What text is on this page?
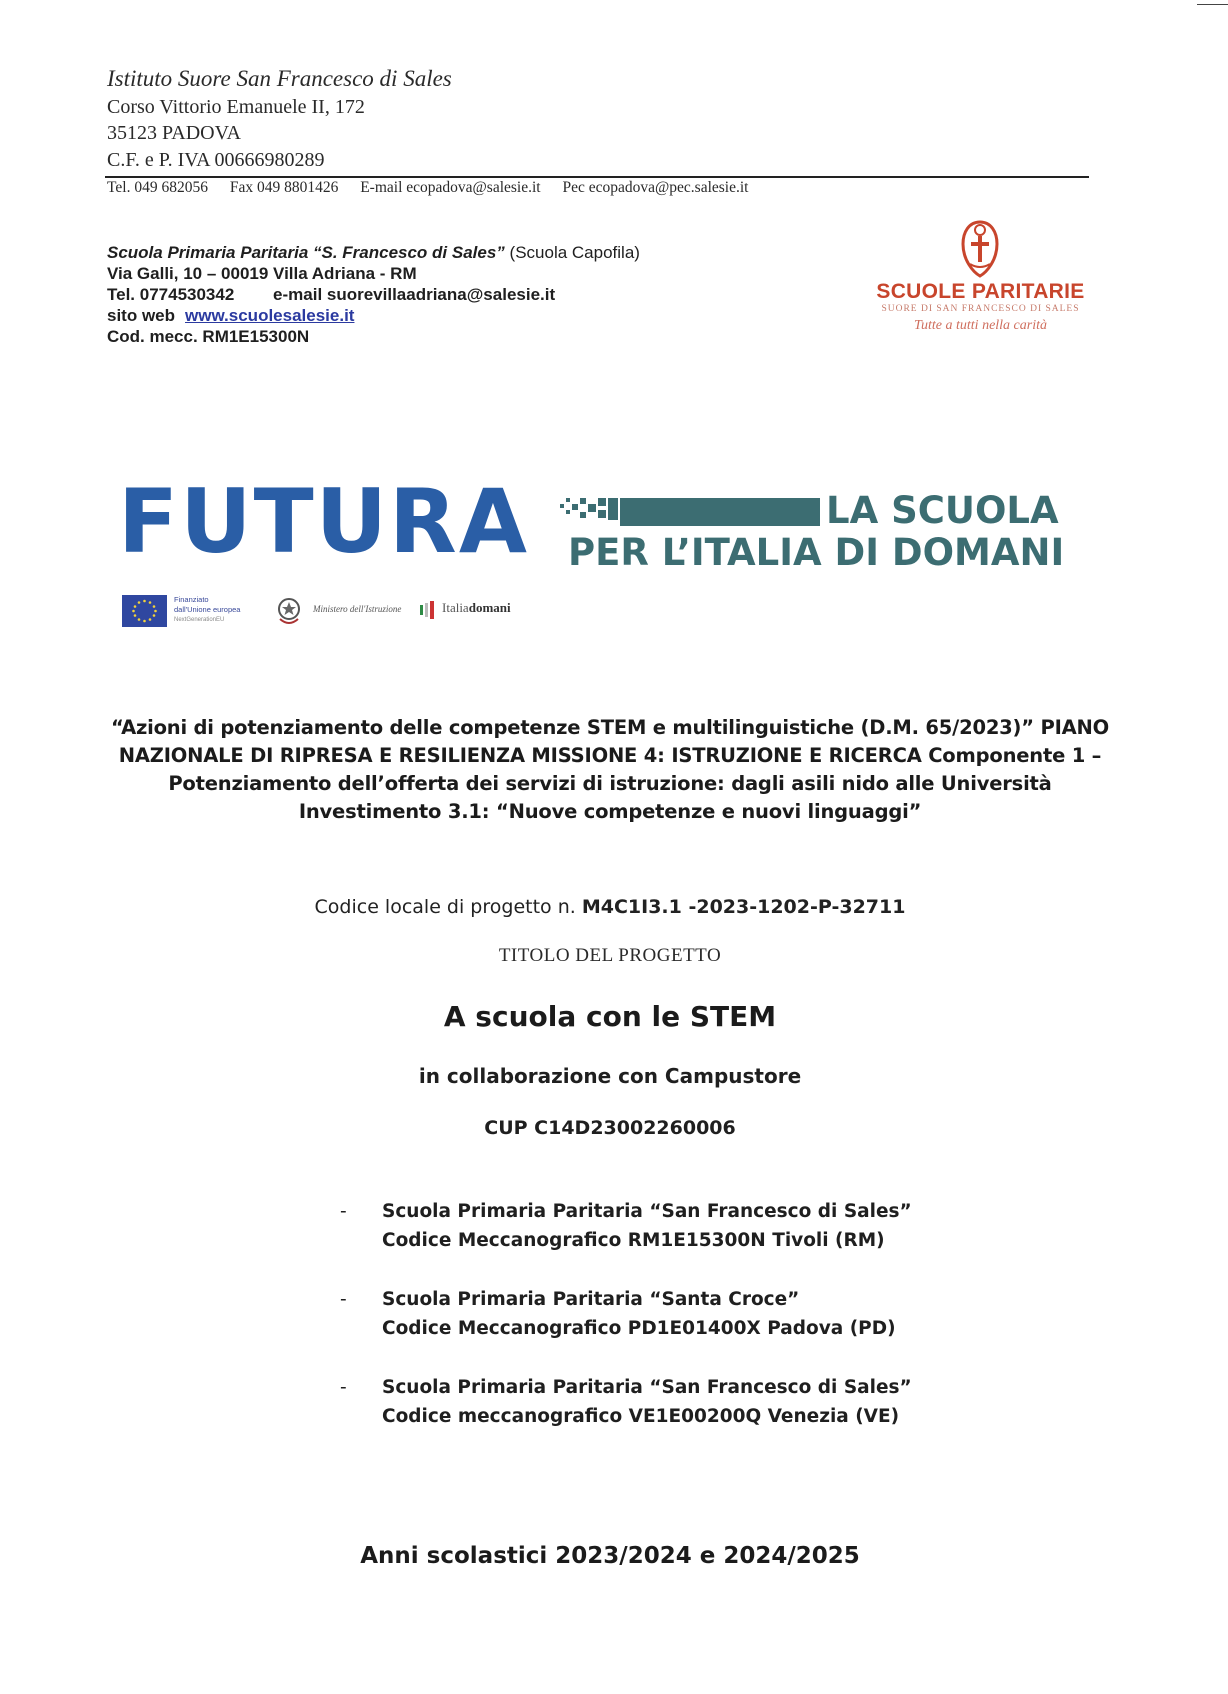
Istituto Suore San Francesco di Sales
Corso Vittorio Emanuele II, 172
35123 PADOVA
C.F. e P. IVA 00666980289
Tel. 049 682056 Fax 049 8801426 E-mail ecopadova@salesie.it Pec ecopadova@pec.salesie.it
Scuola Primaria Paritaria “S. Francesco di Sales” (Scuola Capofila)
Via Galli, 10 – 00019 Villa Adriana - RM
Tel. 0774530342 e-mail suorevillaadriana@salesie.it
sito web www.scuolesalesie.it
Cod. mecc. RM1E15300N
SCUOLE PARITARIE
SUORE DI SAN FRANCESCO DI SALES
Tutte a tutti nella carità
FUTURA	LA SCUOLA
PER L’ITALIA DI DOMANI
Finanziato
dall'Unione europea
NextGenerationEU
Ministero dell'Istruzione	Italiadomani
“Azioni di potenziamento delle competenze STEM e multilinguistiche (D.M. 65/2023)” PIANO NAZIONALE DI RIPRESA E RESILIENZA MISSIONE 4: ISTRUZIONE E RICERCA Componente 1 – Potenziamento dell’offerta dei servizi di istruzione: dagli asili nido alle Università Investimento 3.1: “Nuove competenze e nuovi linguaggi”
Codice locale di progetto n. M4C1I3.1 -2023-1202-P-32711
TITOLO DEL PROGETTO
A scuola con le STEM
in collaborazione con Campustore
CUP C14D23002260006
- Scuola Primaria Paritaria “San Francesco di Sales”
Codice Meccanografico RM1E15300N Tivoli (RM)
- Scuola Primaria Paritaria “Santa Croce”
Codice Meccanografico PD1E01400X Padova (PD)
- Scuola Primaria Paritaria “San Francesco di Sales”
Codice meccanografico VE1E00200Q Venezia (VE)
Anni scolastici 2023/2024 e 2024/2025
